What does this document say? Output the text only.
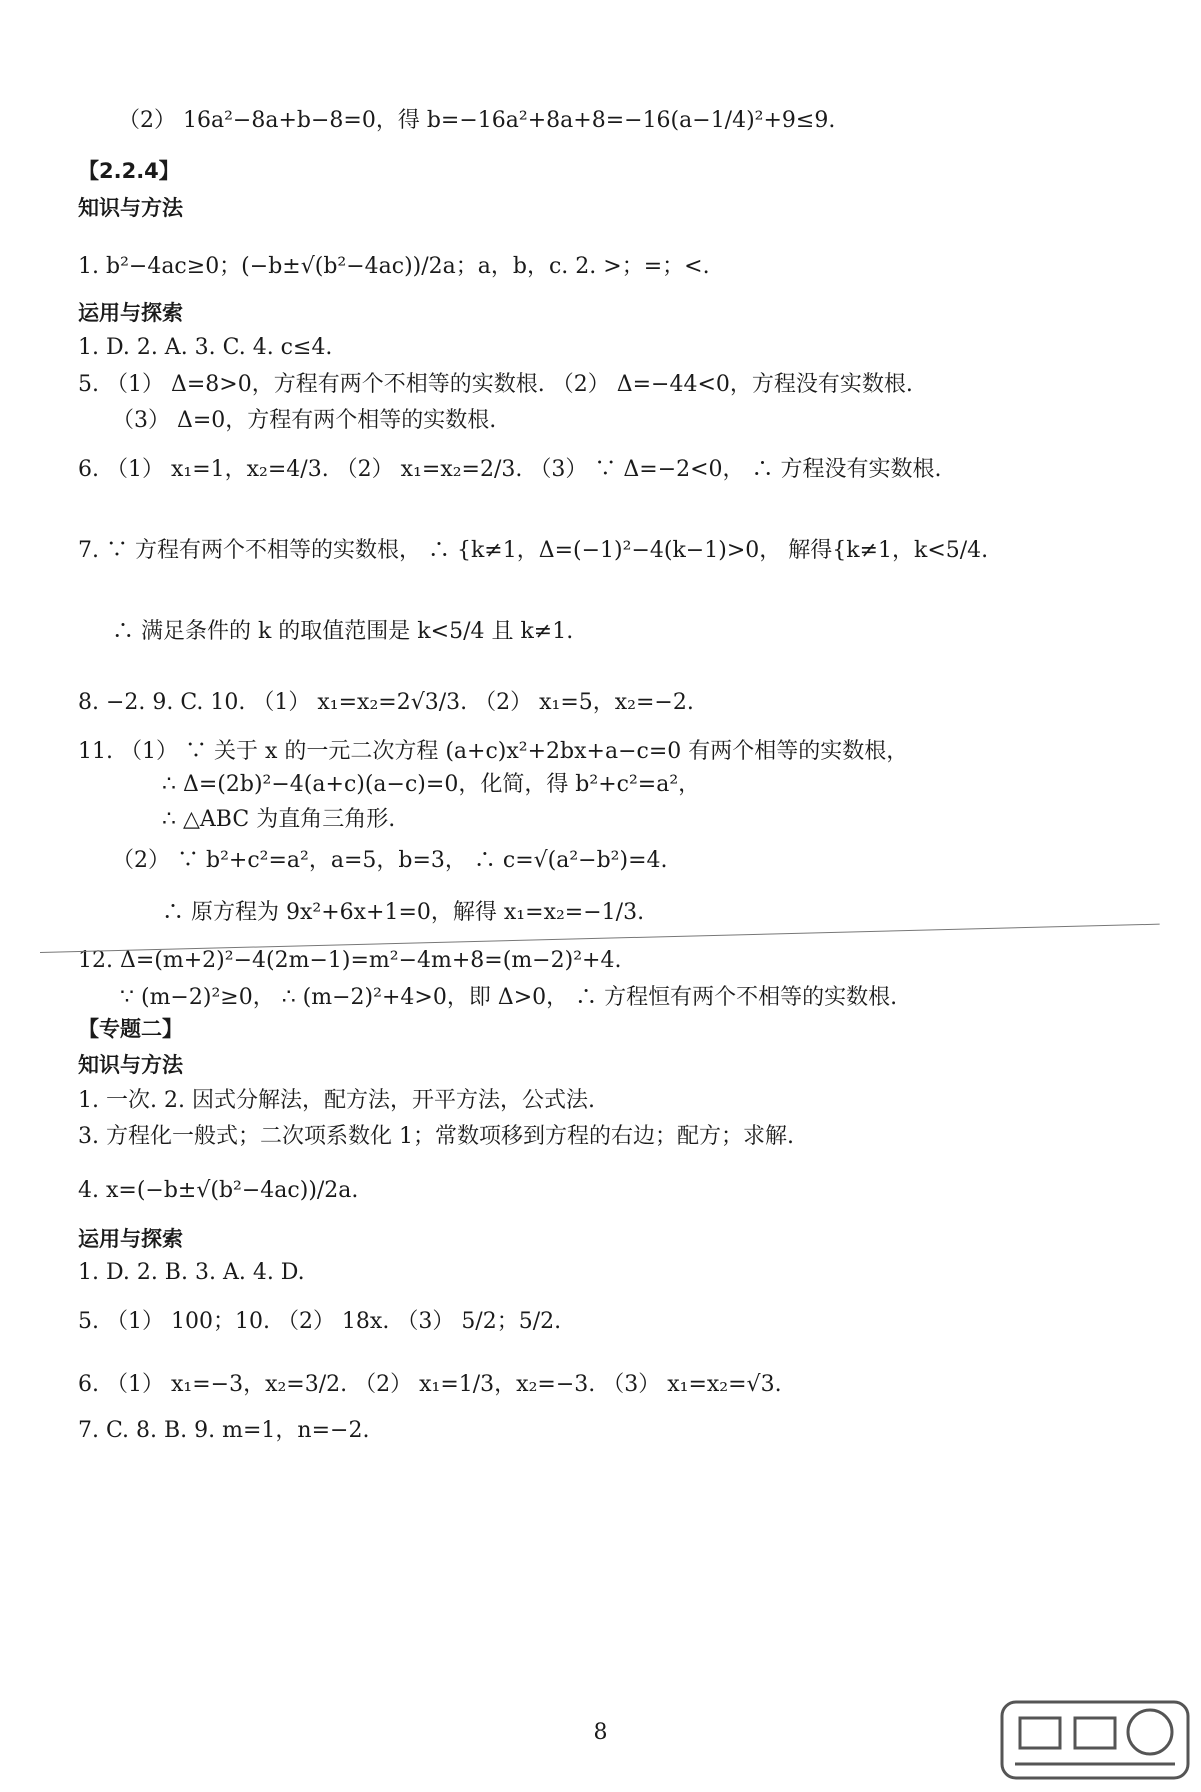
（2） 16a²−8a+b−8=0，得 b=−16a²+8a+8=−16(a−1/4)²+9≤9.
【2.2.4】
知识与方法
1. b²−4ac≥0；(−b±√(b²−4ac))/2a；a，b，c. 2. >；=；<.
运用与探索
1. D. 2. A. 3. C. 4. c≤4.
5. （1） Δ=8>0，方程有两个不相等的实数根. （2） Δ=−44<0，方程没有实数根.
（3） Δ=0，方程有两个相等的实数根.
6. （1） x₁=1，x₂=4/3. （2） x₁=x₂=2/3. （3） ∵ Δ=−2<0， ∴ 方程没有实数根.
7. ∵ 方程有两个不相等的实数根， ∴ {k≠1，Δ=(−1)²−4(k−1)>0， 解得{k≠1，k<5/4.
∴ 满足条件的 k 的取值范围是 k<5/4 且 k≠1.
8. −2. 9. C. 10. （1） x₁=x₂=2√3/3. （2） x₁=5，x₂=−2.
11. （1） ∵ 关于 x 的一元二次方程 (a+c)x²+2bx+a−c=0 有两个相等的实数根，
∴ Δ=(2b)²−4(a+c)(a−c)=0，化简，得 b²+c²=a²，
∴ △ABC 为直角三角形.
（2） ∵ b²+c²=a²，a=5，b=3， ∴ c=√(a²−b²)=4.
∴ 原方程为 9x²+6x+1=0，解得 x₁=x₂=−1/3.
12. Δ=(m+2)²−4(2m−1)=m²−4m+8=(m−2)²+4.
∵ (m−2)²≥0， ∴ (m−2)²+4>0，即 Δ>0， ∴ 方程恒有两个不相等的实数根.
【专题二】
知识与方法
1. 一次. 2. 因式分解法，配方法，开平方法，公式法.
3. 方程化一般式；二次项系数化 1；常数项移到方程的右边；配方；求解.
4. x=(−b±√(b²−4ac))/2a.
运用与探索
1. D. 2. B. 3. A. 4. D.
5. （1） 100；10. （2） 18x. （3） 5/2；5/2.
6. （1） x₁=−3，x₂=3/2. （2） x₁=1/3，x₂=−3. （3） x₁=x₂=√3.
7. C. 8. B. 9. m=1，n=−2.
8
